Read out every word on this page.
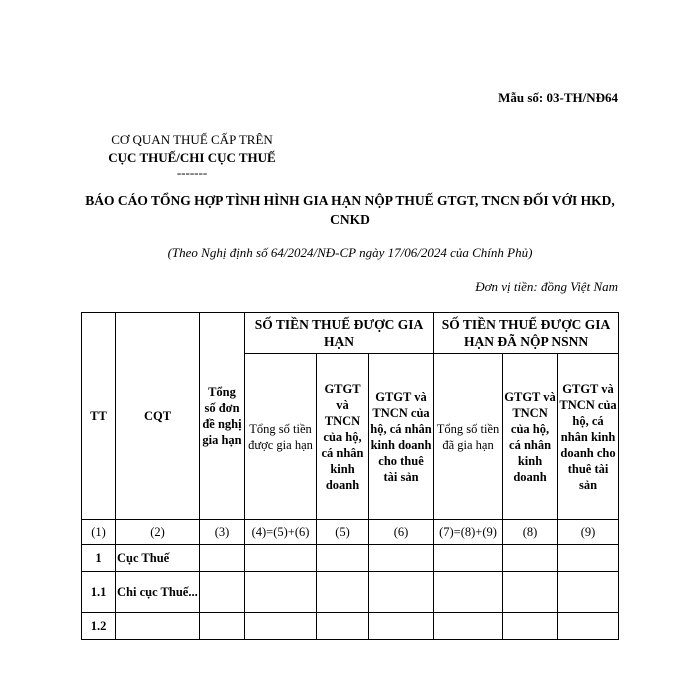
Mẫu số: 03-TH/NĐ64
CƠ QUAN THUẾ CẤP TRÊN
CỤC THUẾ/CHI CỤC THUẾ
-------
BÁO CÁO TỔNG HỢP TÌNH HÌNH GIA HẠN NỘP THUẾ GTGT, TNCN ĐỐI VỚI HKD, CNKD
(Theo Nghị định số 64/2024/NĐ-CP ngày 17/06/2024 của Chính Phủ)
Đơn vị tiền: đồng Việt Nam
TT	CQT	Tổng số đơn đề nghị gia hạn	SỐ TIỀN THUẾ ĐƯỢC GIA HẠN			SỐ TIỀN THUẾ ĐƯỢC GIA HẠN ĐÃ NỘP NSNN		
			Tổng số tiền được gia hạn	GTGT và TNCN của hộ, cá nhân kinh doanh	GTGT và TNCN của hộ, cá nhân kinh doanh cho thuê tài sản	Tổng số tiền đã gia hạn	GTGT và TNCN của hộ, cá nhân kinh doanh	GTGT và TNCN của hộ, cá nhân kinh doanh cho thuê tài sản
(1)	(2)	(3)	(4)=(5)+(6)	(5)	(6)	(7)=(8)+(9)	(8)	(9)
1	Cục Thuế							
1.1	Chi cục Thuế...							
1.2								
